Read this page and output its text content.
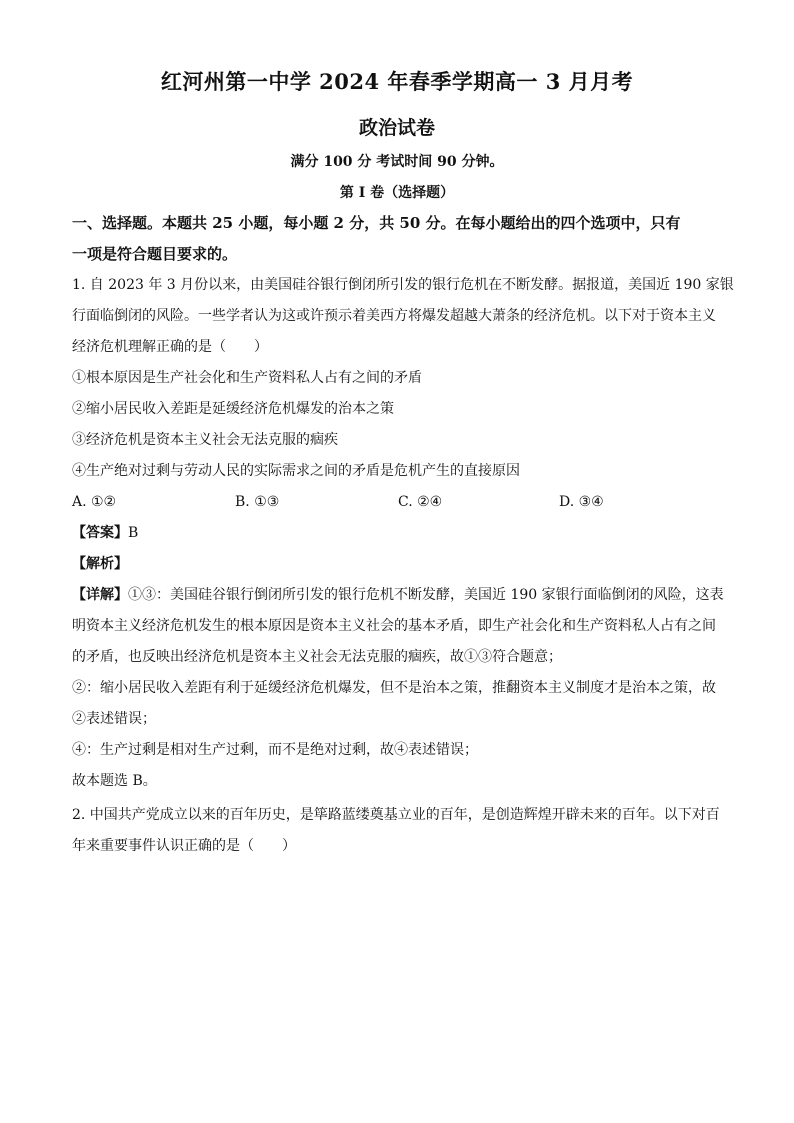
红河州第一中学 2024 年春季学期高一 3 月月考
政治试卷
满分 100 分 考试时间 90 分钟。
第 I 卷（选择题）
一、选择题。本题共 25 小题，每小题 2 分，共 50 分。在每小题给出的四个选项中，只有
一项是符合题目要求的。
1. 自 2023 年 3 月份以来，由美国硅谷银行倒闭所引发的银行危机在不断发酵。据报道，美国近 190 家银
行面临倒闭的风险。一些学者认为这或许预示着美西方将爆发超越大萧条的经济危机。以下对于资本主义
经济危机理解正确的是（　　）
①根本原因是生产社会化和生产资料私人占有之间的矛盾
②缩小居民收入差距是延缓经济危机爆发的治本之策
③经济危机是资本主义社会无法克服的痼疾
④生产绝对过剩与劳动人民的实际需求之间的矛盾是危机产生的直接原因
A. ①②	B. ①③	C. ②④	D. ③④
【答案】B
【解析】
【详解】①③：美国硅谷银行倒闭所引发的银行危机不断发酵，美国近 190 家银行面临倒闭的风险，这表
明资本主义经济危机发生的根本原因是资本主义社会的基本矛盾，即生产社会化和生产资料私人占有之间
的矛盾，也反映出经济危机是资本主义社会无法克服的痼疾，故①③符合题意；
②：缩小居民收入差距有利于延缓经济危机爆发，但不是治本之策，推翻资本主义制度才是治本之策，故
②表述错误；
④：生产过剩是相对生产过剩，而不是绝对过剩，故④表述错误；
故本题选 B。
2. 中国共产党成立以来的百年历史，是筚路蓝缕奠基立业的百年，是创造辉煌开辟未来的百年。以下对百
年来重要事件认识正确的是（　　）
